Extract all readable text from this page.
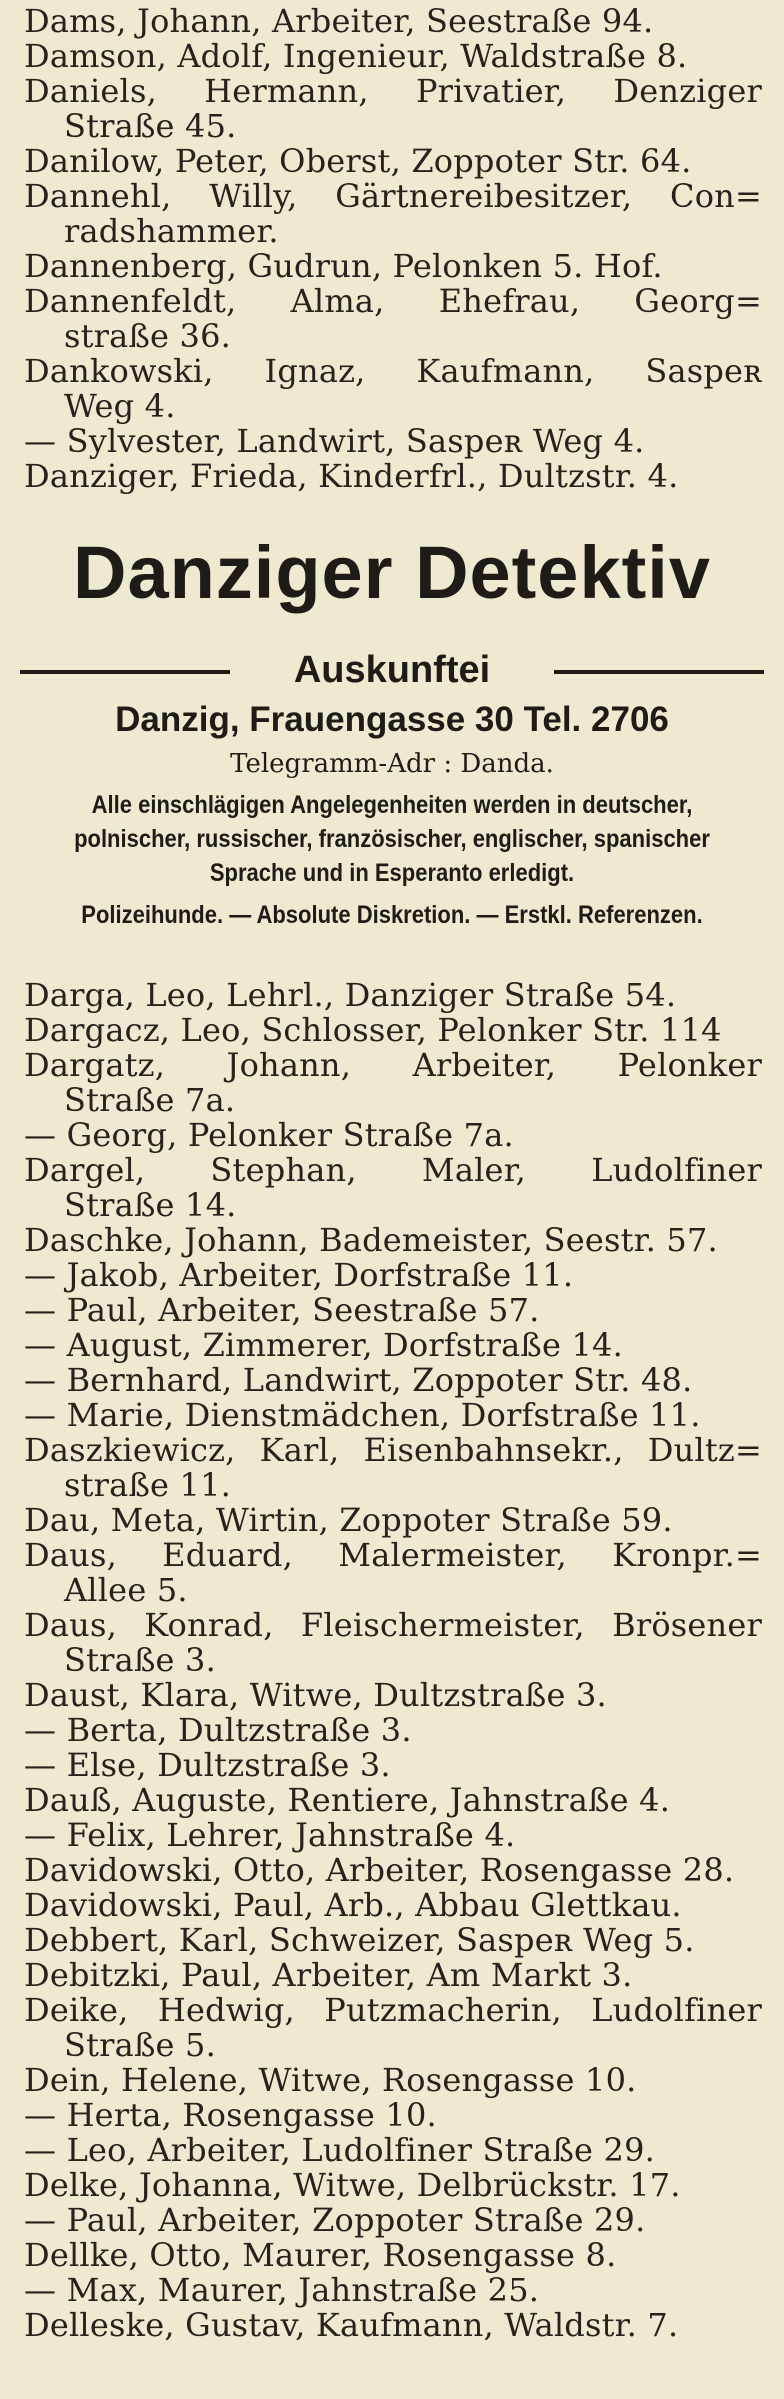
Dams, Johann, Arbeiter, Seestraße 94.
Damson, Adolf, Ingenieur, Waldstraße 8.
Daniels, Hermann, Privatier, Denziger
Straße 45.
Danilow, Peter, Oberst, Zoppoter Str. 64.
Dannehl, Willy, Gärtnereibesitzer, Con=
radshammer.
Dannenberg, Gudrun, Pelonken 5. Hof.
Dannenfeldt, Alma, Ehefrau, Georg=
straße 36.
Dankowski, Ignaz, Kaufmann, Saspeʀ
Weg 4.
— Sylvester, Landwirt, Saspeʀ Weg 4.
Danziger, Frieda, Kinderfrl., Dultzstr. 4.
Danziger Detektiv
Auskunftei
Danzig, Frauengasse 30 Tel. 2706
Telegramm-Adr : Danda.
Alle einschlägigen Angelegenheiten werden in deutscher, polnischer, russischer, französischer, englischer, spanischer Sprache und in Esperanto erledigt.
Polizeihunde. — Absolute Diskretion. — Erstkl. Referenzen.
Darga, Leo, Lehrl., Danziger Straße 54.
Dargacz, Leo, Schlosser, Pelonker Str. 114
Dargatz, Johann, Arbeiter, Pelonker
Straße 7a.
— Georg, Pelonker Straße 7a.
Dargel, Stephan, Maler, Ludolfiner
Straße 14.
Daschke, Johann, Bademeister, Seestr. 57.
— Jakob, Arbeiter, Dorfstraße 11.
— Paul, Arbeiter, Seestraße 57.
— August, Zimmerer, Dorfstraße 14.
— Bernhard, Landwirt, Zoppoter Str. 48.
— Marie, Dienstmädchen, Dorfstraße 11.
Daszkiewicz, Karl, Eisenbahnsekr., Dultz=
straße 11.
Dau, Meta, Wirtin, Zoppoter Straße 59.
Daus, Eduard, Malermeister, Kronpr.=
Allee 5.
Daus, Konrad, Fleischermeister, Brösener
Straße 3.
Daust, Klara, Witwe, Dultzstraße 3.
— Berta, Dultzstraße 3.
— Else, Dultzstraße 3.
Dauß, Auguste, Rentiere, Jahnstraße 4.
— Felix, Lehrer, Jahnstraße 4.
Davidowski, Otto, Arbeiter, Rosengasse 28.
Davidowski, Paul, Arb., Abbau Glettkau.
Debbert, Karl, Schweizer, Saspeʀ Weg 5.
Debitzki, Paul, Arbeiter, Am Markt 3.
Deike, Hedwig, Putzmacherin, Ludolfiner
Straße 5.
Dein, Helene, Witwe, Rosengasse 10.
— Herta, Rosengasse 10.
— Leo, Arbeiter, Ludolfiner Straße 29.
Delke, Johanna, Witwe, Delbrückstr. 17.
— Paul, Arbeiter, Zoppoter Straße 29.
Dellke, Otto, Maurer, Rosengasse 8.
— Max, Maurer, Jahnstraße 25.
Delleske, Gustav, Kaufmann, Waldstr. 7.
